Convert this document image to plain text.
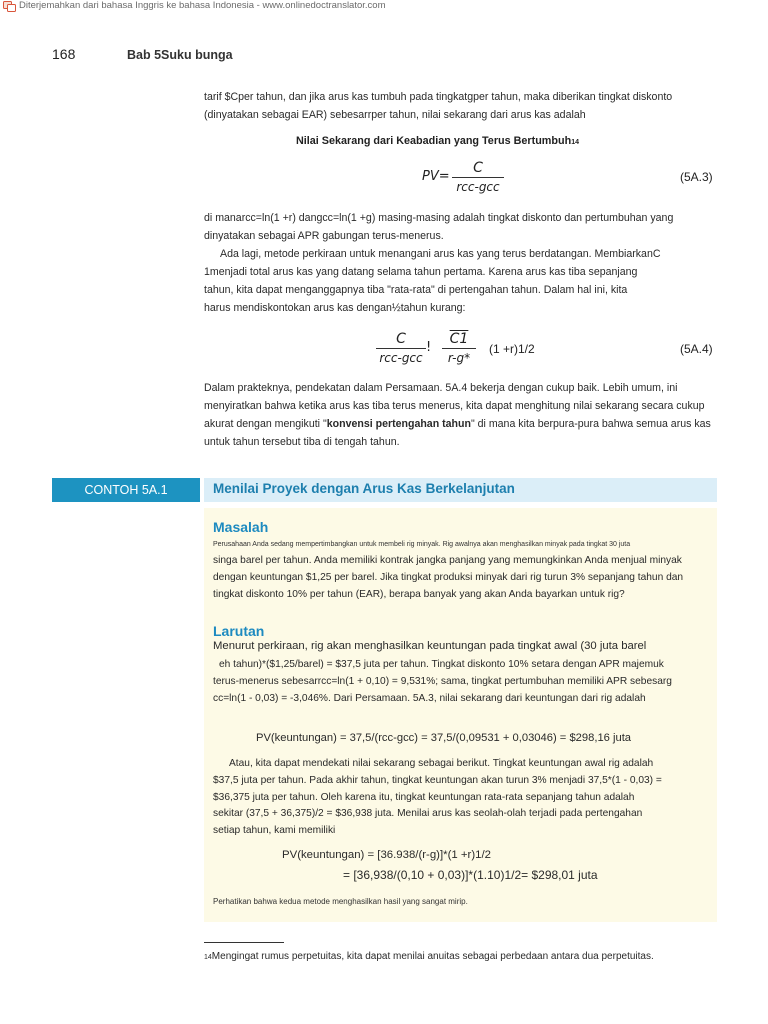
Diterjemahkan dari bahasa Inggris ke bahasa Indonesia - www.onlinedoctranslator.com
168	Bab 5Suku bunga
tarif $Cper tahun, dan jika arus kas tumbuh pada tingkatgper tahun, maka diberikan tingkat diskonto
(dinyatakan sebagai EAR) sebesarrper tahun, nilai sekarang dari arus kas adalah
Nilai Sekarang dari Keabadian yang Terus Bertumbuh14
PV=
C
rcc-gcc
(5A.3)
di manarcc=ln(1 +r) dangcc=ln(1 +g) masing-masing adalah tingkat diskonto dan pertumbuhan yang
dinyatakan sebagai APR gabungan terus-menerus.
Ada lagi, metode perkiraan untuk menangani arus kas yang terus berdatangan. MembiarkanC
1menjadi total arus kas yang datang selama tahun pertama. Karena arus kas tiba sepanjang
tahun, kita dapat menganggapnya tiba "rata-rata" di pertengahan tahun. Dalam hal ini, kita
harus mendiskontokan arus kas dengan½tahun kurang:
C
rcc-gcc
! $\frac{C1}{r-g*} (1 +r)1/2$	(5A.4)
Dalam prakteknya, pendekatan dalam Persamaan. 5A.4 bekerja dengan cukup baik. Lebih umum, ini
menyiratkan bahwa ketika arus kas tiba terus menerus, kita dapat menghitung nilai sekarang secara cukup
akurat dengan mengikuti "konvensi pertengahan tahun" di mana kita berpura-pura bahwa semua arus kas
untuk tahun tersebut tiba di tengah tahun.
CONTOH 5A.1	Menilai Proyek dengan Arus Kas Berkelanjutan
Masalah
Perusahaan Anda sedang mempertimbangkan untuk membeli rig minyak. Rig awalnya akan menghasilkan minyak pada tingkat 30 juta
singa barel per tahun. Anda memiliki kontrak jangka panjang yang memungkinkan Anda menjual minyak
dengan keuntungan $1,25 per barel. Jika tingkat produksi minyak dari rig turun 3% sepanjang tahun dan
tingkat diskonto 10% per tahun (EAR), berapa banyak yang akan Anda bayarkan untuk rig?
Larutan
Menurut perkiraan, rig akan menghasilkan keuntungan pada tingkat awal (30 juta barel
eh tahun)*($1,25/barel) = $37,5 juta per tahun. Tingkat diskonto 10% setara dengan APR majemuk
terus-menerus sebesarrcc=ln(1 + 0,10) = 9,531%; sama, tingkat pertumbuhan memiliki APR sebesarg
cc=ln(1 - 0,03) = -3,046%. Dari Persamaan. 5A.3, nilai sekarang dari keuntungan dari rig adalah
PV(keuntungan) = 37,5/(rcc-gcc) = 37,5/(0,09531 + 0,03046) = $298,16 juta
Atau, kita dapat mendekati nilai sekarang sebagai berikut. Tingkat keuntungan awal rig adalah
$37,5 juta per tahun. Pada akhir tahun, tingkat keuntungan akan turun 3% menjadi 37,5*(1 - 0,03) =
$36,375 juta per tahun. Oleh karena itu, tingkat keuntungan rata-rata sepanjang tahun adalah
sekitar (37,5 + 36,375)/2 = $36,938 juta. Menilai arus kas seolah-olah terjadi pada pertengahan
setiap tahun, kami memiliki
PV(keuntungan) = [36.938/(r-g)]*(1 +r)1/2
= [36,938/(0,10 + 0,03)]*(1.10)1/2= $298,01 juta
Perhatikan bahwa kedua metode menghasilkan hasil yang sangat mirip.
14Mengingat rumus perpetuitas, kita dapat menilai anuitas sebagai perbedaan antara dua perpetuitas.
